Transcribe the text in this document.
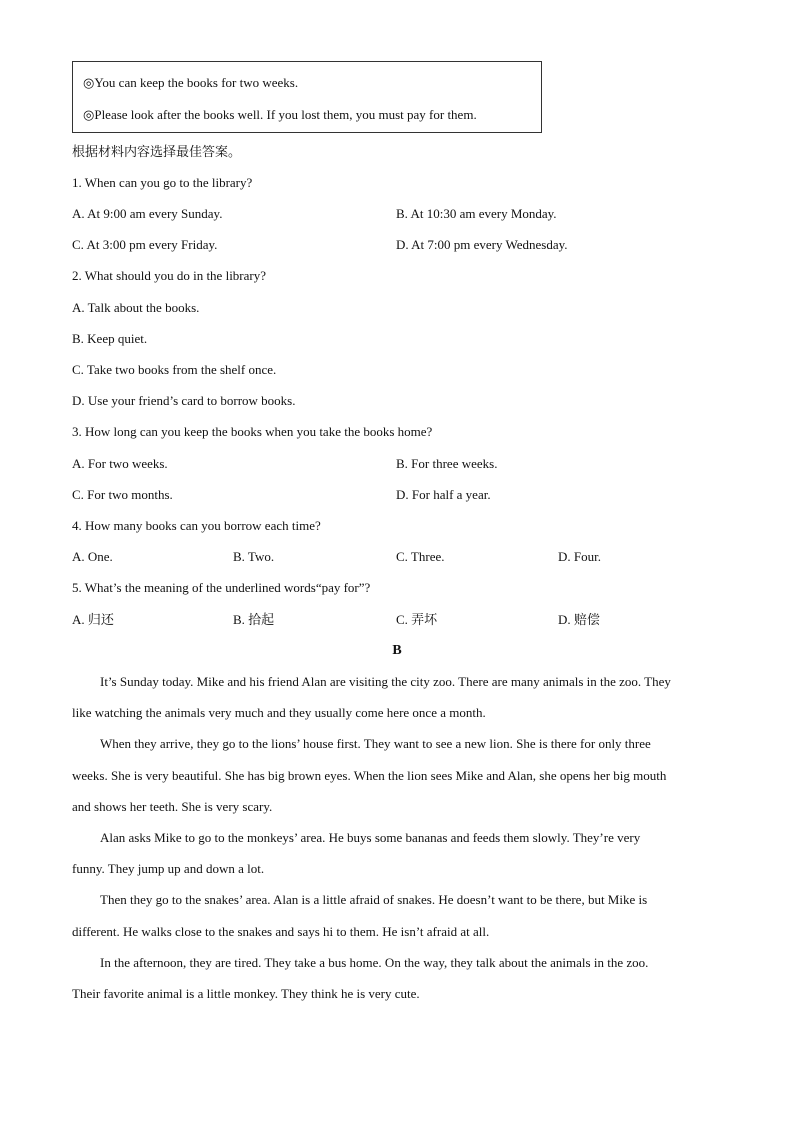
◎You can keep the books for two weeks.
◎Please look after the books well. If you lost them, you must pay for them.
根据材料内容选择最佳答案。
1. When can you go to the library?
A. At 9:00 am every Sunday.	B. At 10:30 am every Monday.
C. At 3:00 pm every Friday.	D. At 7:00 pm every Wednesday.
2. What should you do in the library?
A. Talk about the books.
B. Keep quiet.
C. Take two books from the shelf once.
D. Use your friend’s card to borrow books.
3. How long can you keep the books when you take the books home?
A. For two weeks.	B. For three weeks.
C. For two months.	D. For half a year.
4. How many books can you borrow each time?
A. One.	B. Two.	C. Three.	D. Four.
5. What’s the meaning of the underlined words“pay for”?
A. 归还	B. 拾起	C. 弄坏	D. 赔偿
B
It’s Sunday today. Mike and his friend Alan are visiting the city zoo. There are many animals in the zoo. They
like watching the animals very much and they usually come here once a month.
When they arrive, they go to the lions’ house first. They want to see a new lion. She is there for only three
weeks. She is very beautiful. She has big brown eyes. When the lion sees Mike and Alan, she opens her big mouth
and shows her teeth. She is very scary.
Alan asks Mike to go to the monkeys’ area. He buys some bananas and feeds them slowly. They’re very
funny. They jump up and down a lot.
Then they go to the snakes’ area. Alan is a little afraid of snakes. He doesn’t want to be there, but Mike is
different. He walks close to the snakes and says hi to them. He isn’t afraid at all.
In the afternoon, they are tired. They take a bus home. On the way, they talk about the animals in the zoo.
Their favorite animal is a little monkey. They think he is very cute.
